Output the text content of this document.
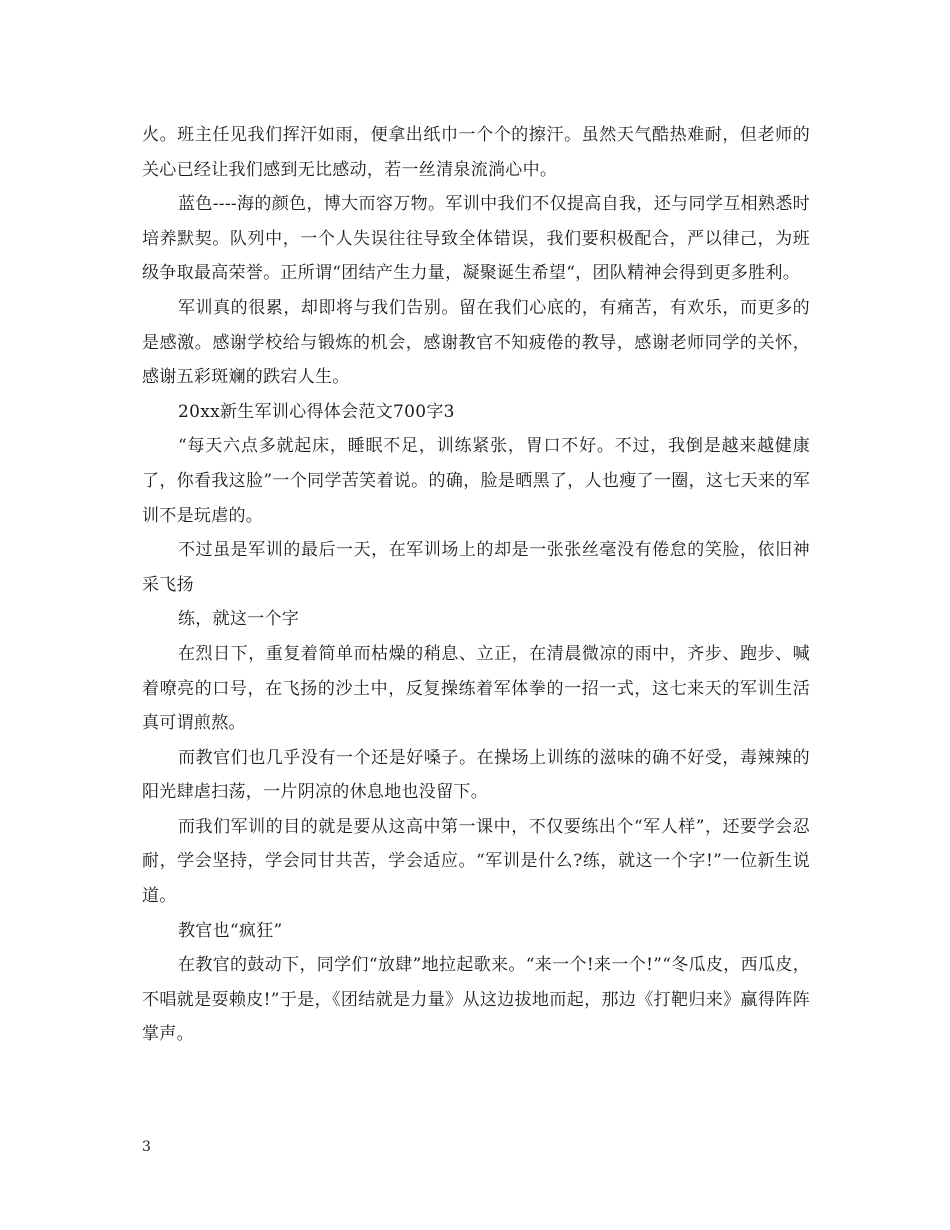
火。班主任见我们挥汗如雨，便拿出纸巾一个个的擦汗。虽然天气酷热难耐，但老师的关心已经让我们感到无比感动，若一丝清泉流淌心中。

蓝色----海的颜色，博大而容万物。军训中我们不仅提高自我，还与同学互相熟悉时培养默契。队列中，一个人失误往往导致全体错误，我们要积极配合，严以律己，为班级争取最高荣誉。正所谓“团结产生力量，凝聚诞生希望“，团队精神会得到更多胜利。

军训真的很累，却即将与我们告别。留在我们心底的，有痛苦，有欢乐，而更多的是感激。感谢学校给与锻炼的机会，感谢教官不知疲倦的教导，感谢老师同学的关怀，感谢五彩斑斓的跌宕人生。

20xx新生军训心得体会范文700字3

“每天六点多就起床，睡眠不足，训练紧张，胃口不好。不过，我倒是越来越健康了，你看我这脸”一个同学苦笑着说。的确，脸是晒黑了，人也瘦了一圈，这七天来的军训不是玩虐的。

不过虽是军训的最后一天，在军训场上的却是一张张丝毫没有倦怠的笑脸，依旧神采飞扬

练，就这一个字

在烈日下，重复着简单而枯燥的稍息、立正，在清晨微凉的雨中，齐步、跑步、喊着嘹亮的口号，在飞扬的沙土中，反复操练着军体拳的一招一式，这七来天的军训生活真可谓煎熬。

而教官们也几乎没有一个还是好嗓子。在操场上训练的滋味的确不好受，毒辣辣的阳光肆虐扫荡，一片阴凉的休息地也没留下。

而我们军训的目的就是要从这高中第一课中，不仅要练出个“军人样”，还要学会忍耐，学会坚持，学会同甘共苦，学会适应。“军训是什么?练，就这一个字!”一位新生说道。

教官也“疯狂”

在教官的鼓动下，同学们“放肆”地拉起歌来。“来一个!来一个!”“冬瓜皮，西瓜皮，不唱就是耍赖皮!”于是，《团结就是力量》从这边拔地而起，那边《打靶归来》赢得阵阵掌声。

3
